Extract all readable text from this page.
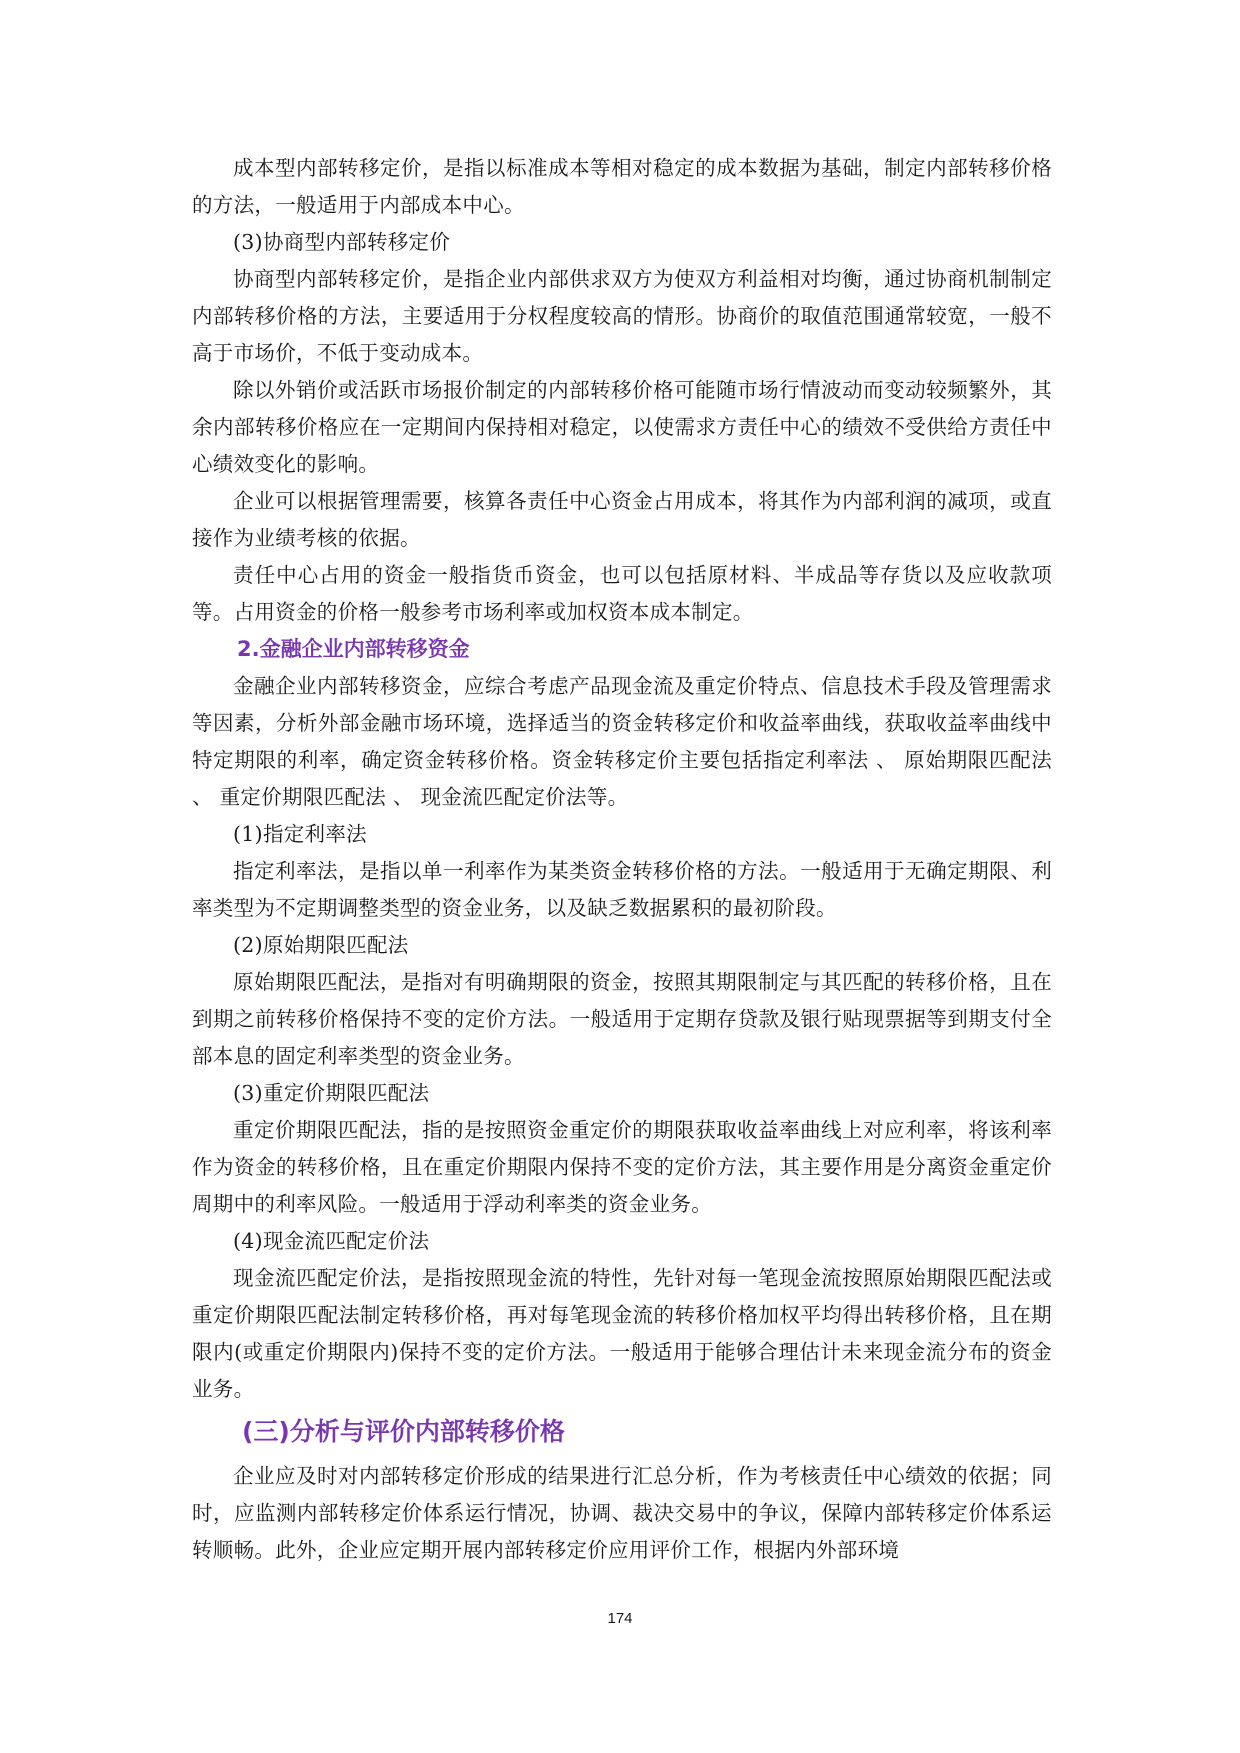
成本型内部转移定价，是指以标准成本等相对稳定的成本数据为基础，制定内部转移价格的方法，一般适用于内部成本中心。

(3)协商型内部转移定价

协商型内部转移定价，是指企业内部供求双方为使双方利益相对均衡，通过协商机制制定内部转移价格的方法，主要适用于分权程度较高的情形。协商价的取值范围通常较宽，一般不高于市场价，不低于变动成本。

除以外销价或活跃市场报价制定的内部转移价格可能随市场行情波动而变动较频繁外，其余内部转移价格应在一定期间内保持相对稳定，以使需求方责任中心的绩效不受供给方责任中心绩效变化的影响。

企业可以根据管理需要，核算各责任中心资金占用成本，将其作为内部利润的减项，或直接作为业绩考核的依据。

责任中心占用的资金一般指货币资金，也可以包括原材料、半成品等存货以及应收款项等。占用资金的价格一般参考市场利率或加权资本成本制定。

2.金融企业内部转移资金

金融企业内部转移资金，应综合考虑产品现金流及重定价特点、信息技术手段及管理需求等因素，分析外部金融市场环境，选择适当的资金转移定价和收益率曲线，获取收益率曲线中特定期限的利率，确定资金转移价格。资金转移定价主要包括指定利率法 、 原始期限匹配法 、 重定价期限匹配法 、 现金流匹配定价法等。

(1)指定利率法

指定利率法，是指以单一利率作为某类资金转移价格的方法。一般适用于无确定期限、利率类型为不定期调整类型的资金业务，以及缺乏数据累积的最初阶段。

(2)原始期限匹配法

原始期限匹配法，是指对有明确期限的资金，按照其期限制定与其匹配的转移价格，且在到期之前转移价格保持不变的定价方法。一般适用于定期存贷款及银行贴现票据等到期支付全部本息的固定利率类型的资金业务。

(3)重定价期限匹配法

重定价期限匹配法，指的是按照资金重定价的期限获取收益率曲线上对应利率，将该利率作为资金的转移价格，且在重定价期限内保持不变的定价方法，其主要作用是分离资金重定价周期中的利率风险。一般适用于浮动利率类的资金业务。

(4)现金流匹配定价法

现金流匹配定价法，是指按照现金流的特性，先针对每一笔现金流按照原始期限匹配法或重定价期限匹配法制定转移价格，再对每笔现金流的转移价格加权平均得出转移价格，且在期限内(或重定价期限内)保持不变的定价方法。一般适用于能够合理估计未来现金流分布的资金业务。

(三)分析与评价内部转移价格

企业应及时对内部转移定价形成的结果进行汇总分析，作为考核责任中心绩效的依据；同时，应监测内部转移定价体系运行情况，协调、裁决交易中的争议，保障内部转移定价体系运转顺畅。此外，企业应定期开展内部转移定价应用评价工作，根据内外部环境

174
